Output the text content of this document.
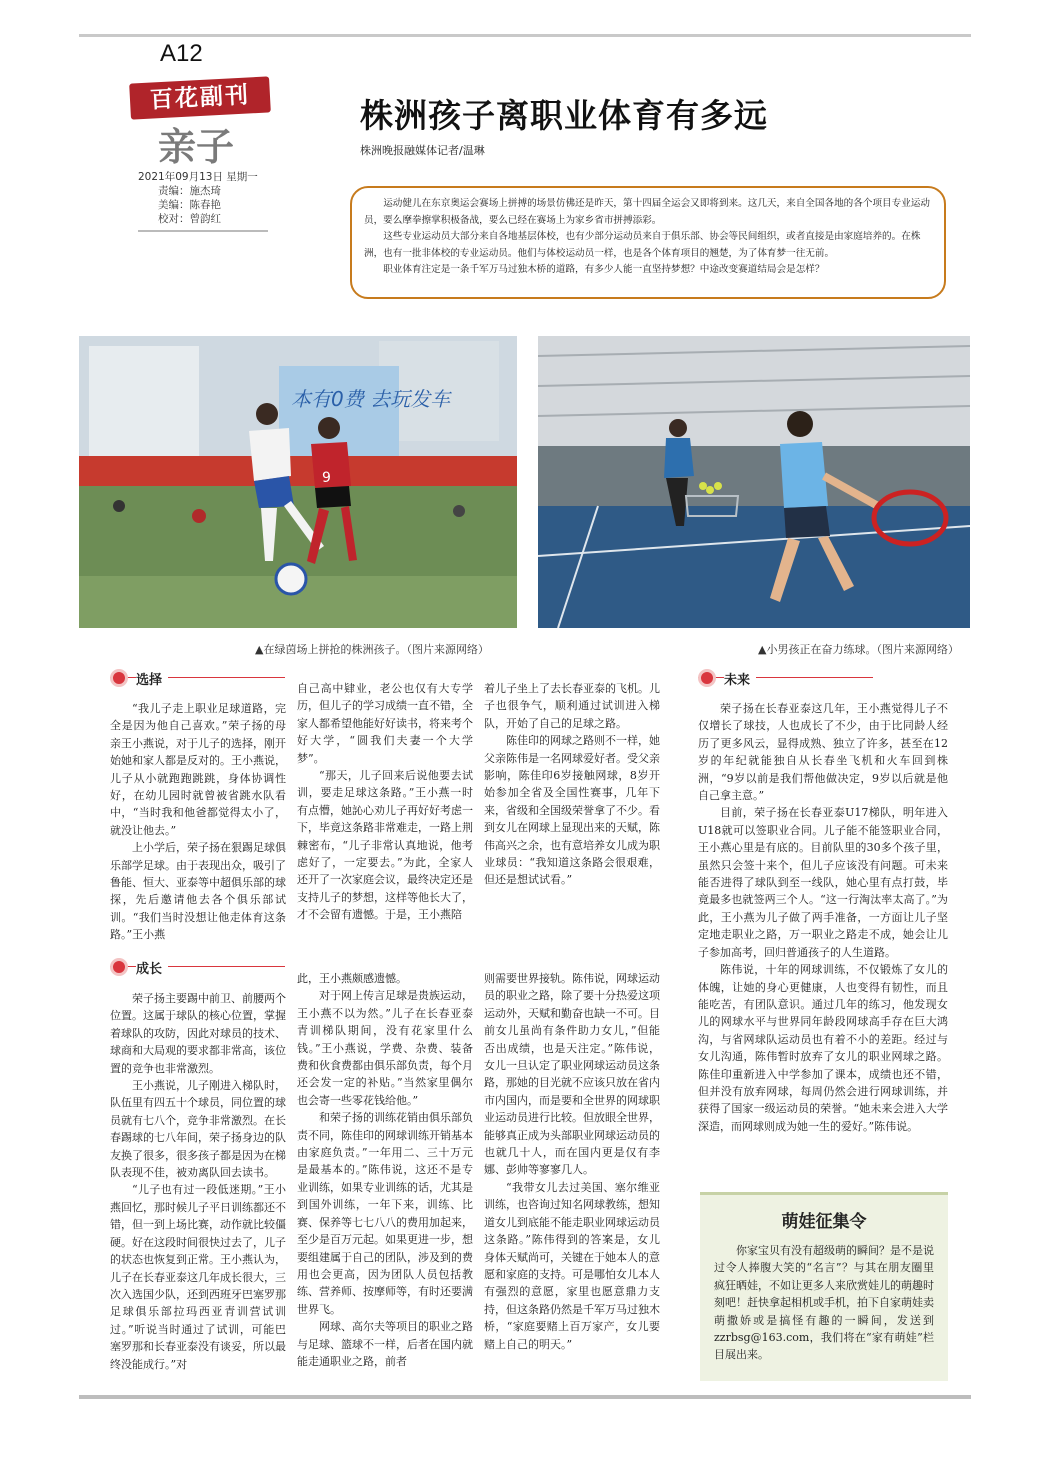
A12
百花副刊
亲子
2021年09月13日 星期一
责编：施杰琦
美编：陈春艳
校对：曾韵红
株洲孩子离职业体育有多远
株洲晚报融媒体记者/温琳

运动健儿在东京奥运会赛场上拼搏的场景仿佛还是昨天，第十四届全运会又即将到来。这几天，来自全国各地的各个项目专业运动员，要么摩拳擦掌积极备战，要么已经在赛场上为家乡省市拼搏添彩。

这些专业运动员大部分来自各地基层体校，也有少部分运动员来自于俱乐部、协会等民间组织，或者直接是由家庭培养的。在株洲，也有一批非体校的专业运动员。他们与体校运动员一样，也是各个体育项目的翘楚，为了体育梦一往无前。

职业体育注定是一条千军万马过独木桥的道路，有多少人能一直坚持梦想？中途改变赛道结局会是怎样？

本有0费 去玩发车
9
▲在绿茵场上拼抢的株洲孩子。（图片来源网络）	▲小男孩正在奋力练球。（图片来源网络）
选择
成长
未来

“我儿子走上职业足球道路，完全是因为他自己喜欢。”荣子扬的母亲王小燕说，对于儿子的选择，刚开始她和家人都是反对的。王小燕说，儿子从小就跑跑跳跳，身体协调性好，在幼儿园时就曾被省跳水队看中，“当时我和他爸都觉得太小了，就没让他去。”

上小学后，荣子扬在狠踢足球俱乐部学足球。由于表现出众，吸引了鲁能、恒大、亚泰等中超俱乐部的球探，先后邀请他去各个俱乐部试训。“我们当时没想让他走体育这条路。”王小燕

自己高中肄业，老公也仅有大专学历，但儿子的学习成绩一直不错，全家人都希望他能好好读书，将来考个好大学，“圆我们夫妻一个大学梦”。

“那天，儿子回来后说他要去试训，要走足球这条路。”王小燕一时有点懵，她訫心劝儿子再好好考虑一下，毕竟这条路非常难走，一路上荆棘密布，“儿子非常认真地说，他考虑好了，一定要去。”为此，全家人还开了一次家庭会议，最终决定还是支持儿子的梦想，这样等他长大了，才不会留有遗憾。于是，王小燕陪

着儿子坐上了去长春亚泰的飞机。儿子也很争气，顺利通过试训进入梯队，开始了自己的足球之路。

陈佳印的网球之路则不一样，她父亲陈伟是一名网球爱好者。受父亲影响，陈佳印6岁接触网球，8岁开始参加全省及全国性赛事，几年下来，省级和全国级荣誉拿了不少。看到女儿在网球上显现出来的天赋，陈伟高兴之余，也有意培养女儿成为职业球员：“我知道这条路会很艰难，但还是想试试看。”

荣子扬主要踢中前卫、前腰两个位置。这属于球队的核心位置，掌握着球队的攻防，因此对球员的技术、球商和大局观的要求都非常高，该位置的竞争也非常激烈。

王小燕说，儿子刚进入梯队时，队伍里有四五十个球员，同位置的球员就有七八个，竞争非常激烈。在长春踢球的七八年间，荣子扬身边的队友换了很多，很多孩子都是因为在梯队表现不佳，被劝离队回去读书。

“儿子也有过一段低迷期。”王小燕回忆，那时候儿子平日训练都还不错，但一到上场比赛，动作就比较僵硬。好在这段时间很快过去了，儿子的状态也恢复到正常。王小燕认为，儿子在长春亚泰这几年成长很大，三次入选国少队，还到西班牙巴塞罗那足球俱乐部拉玛西亚青训营试训过。”听说当时通过了试训，可能巴塞罗那和长春亚泰没有谈妥，所以最终没能成行。”对

此，王小燕颇感遗憾。

对于网上传言足球是贵族运动，王小燕不以为然。”儿子在长春亚泰青训梯队期间，没有花家里什么钱。”王小燕说，学费、杂费、装备费和伙食费都由俱乐部负责，每个月还会发一定的补贴。”当然家里偶尔也会寄一些零花钱给他。”

和荣子扬的训练花销由俱乐部负责不同，陈佳印的网球训练开销基本由家庭负责。”一年用二、三十万元是最基本的。”陈伟说，这还不是专业训练，如果专业训练的话，尤其是到国外训练，一年下来，训练、比赛、保养等七七八八的费用加起来，至少是百万元起。如果更进一步，想要组建属于自己的团队，涉及到的费用也会更高，因为团队人员包括教练、营养师、按摩师等，有时还要满世界飞。

网球、高尔夫等项目的职业之路与足球、篮球不一样，后者在国内就能走通职业之路，前者

则需要世界接轨。陈伟说，网球运动员的职业之路，除了要十分热爱这项运动外，天赋和勤奋也缺一不可。目前女儿虽尚有条件助力女儿，”但能否出成绩，也是天注定。”陈伟说，女儿一旦认定了职业网球运动员这条路，那她的目光就不应该只放在省内市内国内，而是要和全世界的网球职业运动员进行比较。但放眼全世界，能够真正成为头部职业网球运动员的也就几十人，而在国内更是仅有李娜、彭帅等寥寥几人。

“我带女儿去过美国、塞尔维亚训练，也咨询过知名网球教练，想知道女儿到底能不能走职业网球运动员这条路。”陈伟得到的答案是，女儿身体天赋尚可，关键在于她本人的意愿和家庭的支持。可是哪怕女儿本人有强烈的意愿，家里也愿意鼎力支持，但这条路仍然是千军万马过独木桥，“家庭要赌上百万家产，女儿要赌上自己的明天。”

荣子扬在长春亚泰这几年，王小燕觉得儿子不仅增长了球技，人也成长了不少，由于比同龄人经历了更多风云，显得成熟、独立了许多，甚至在12岁的年纪就能独自从长春坐飞机和火车回到株洲，“9岁以前是我们帮他做决定，9岁以后就是他自己拿主意。”

目前，荣子扬在长春亚泰U17梯队，明年进入U18就可以签职业合同。儿子能不能签职业合同，王小燕心里是有底的。目前队里的30多个孩子里，虽然只会签十来个，但儿子应该没有问题。可未来能否进得了球队到至一线队，她心里有点打鼓，毕竟最多也就签两三个人。“这一行淘汰率太高了。”为此，王小燕为儿子做了两手准备，一方面让儿子坚定地走职业之路，万一职业之路走不成，她会让儿子参加高考，回归普通孩子的人生道路。

陈伟说，十年的网球训练，不仅锻炼了女儿的体魄，让她的身心更健康，人也变得有韧性，而且能吃苦，有团队意识。通过几年的练习，他发现女儿的网球水平与世界同年龄段网球高手存在巨大鸿沟，与省网球队运动员也有着不小的差距。经过与女儿沟通，陈伟暂时放弃了女儿的职业网球之路。陈佳印重新进入中学参加了课本，成绩也还不错，但并没有放弃网球，每周仍然会进行网球训练，并获得了国家一级运动员的荣誉。“她未来会进入大学深造，而网球则成为她一生的爱好。”陈伟说。

萌娃征集令

你家宝贝有没有超级萌的瞬间？是不是说过令人捧腹大笑的“名言”？与其在朋友圈里疯狂晒娃，不如让更多人来欣赏娃儿的萌趣时刻吧！赶快拿起相机或手机，拍下自家萌娃卖萌撒娇或是搞怪有趣的一瞬间，发送到zzrbsg@163.com，我们将在“家有萌娃”栏目展出来。
